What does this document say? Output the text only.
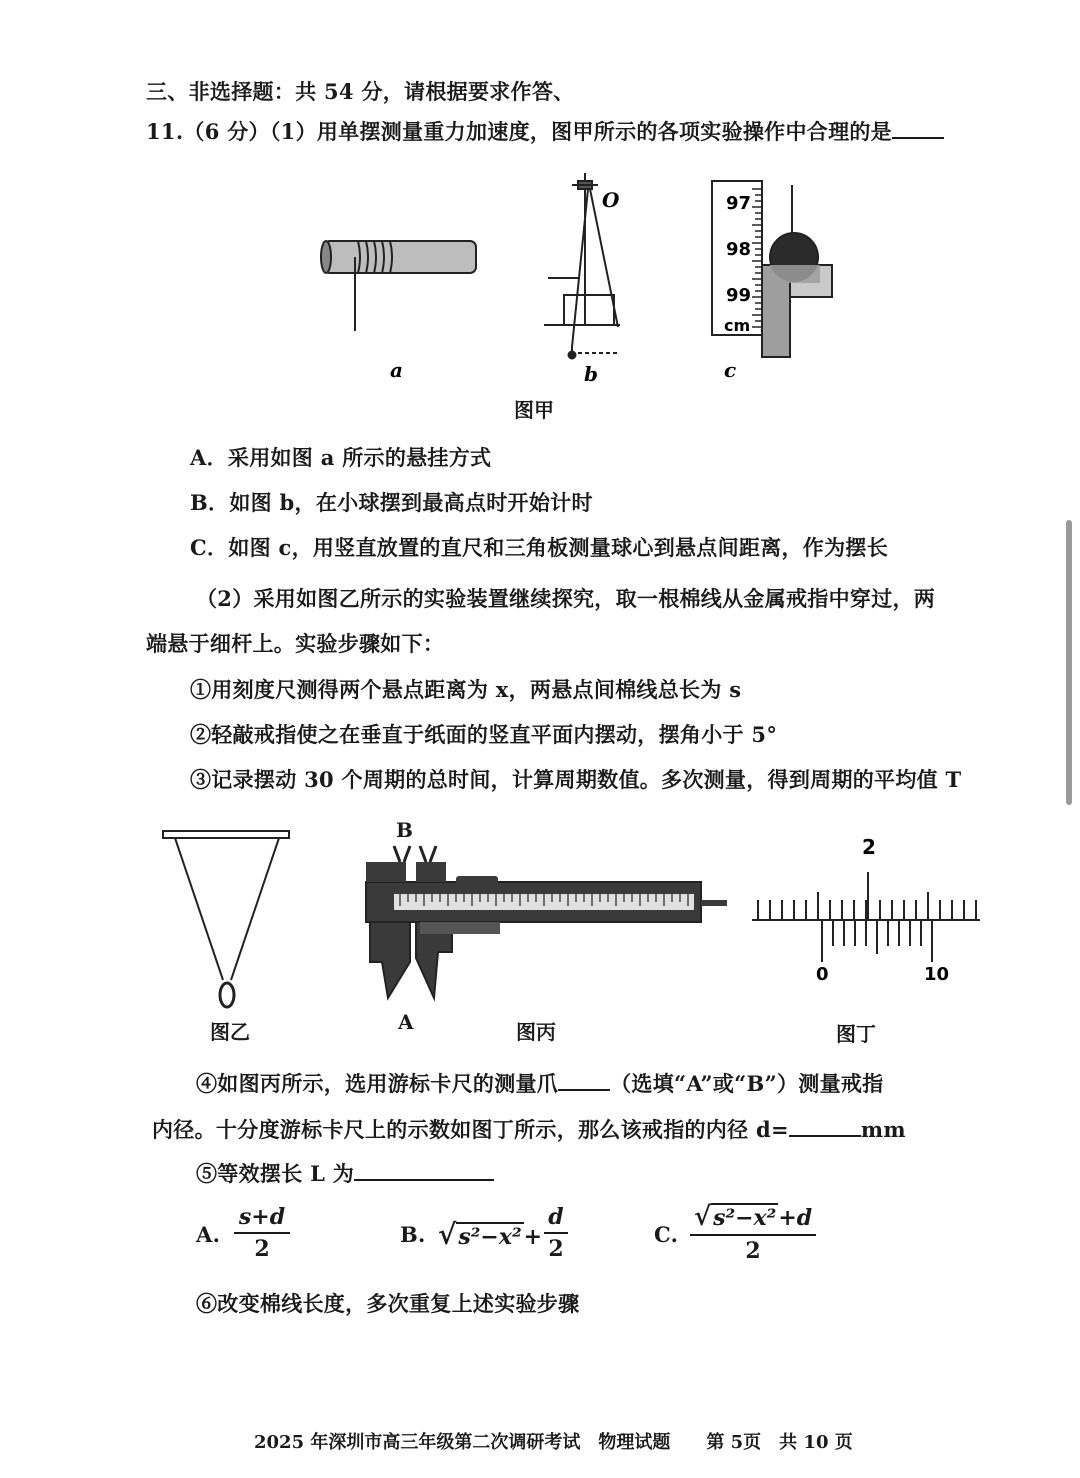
三、非选择题：共 54 分，请根据要求作答、
11.（6 分）（1）用单摆测量重力加速度，图甲所示的各项实验操作中合理的是
O	97
98
99
cm
a	b	c
图甲
A．采用如图 a 所示的悬挂方式
B．如图 b，在小球摆到最高点时开始计时
C．如图 c，用竖直放置的直尺和三角板测量球心到悬点间距离，作为摆长
（2）采用如图乙所示的实验装置继续探究，取一根棉线从金属戒指中穿过，两
端悬于细杆上。实验步骤如下：
①用刻度尺测得两个悬点距离为 x，两悬点间棉线总长为 s
②轻敲戒指使之在垂直于纸面的竖直平面内摆动，摆角小于 5°
③记录摆动 30 个周期的总时间，计算周期数值。多次测量，得到周期的平均值 T
图乙
B
A	图丙
2
0	10
图丁
④如图丙所示，选用游标卡尺的测量爪 （选填“A”或“B”）测量戒指
内径。十分度游标卡尺上的示数如图丁所示，那么该戒指的内径 d=	mm
⑤等效摆长 L 为
A.
s+d
2
B. √s²−x²+
d
2
C.
√s²−x²+d
2
⑥改变棉线长度，多次重复上述实验步骤
2025 年深圳市高三年级第二次调研考试　物理试题　　第 5页　共 10 页
